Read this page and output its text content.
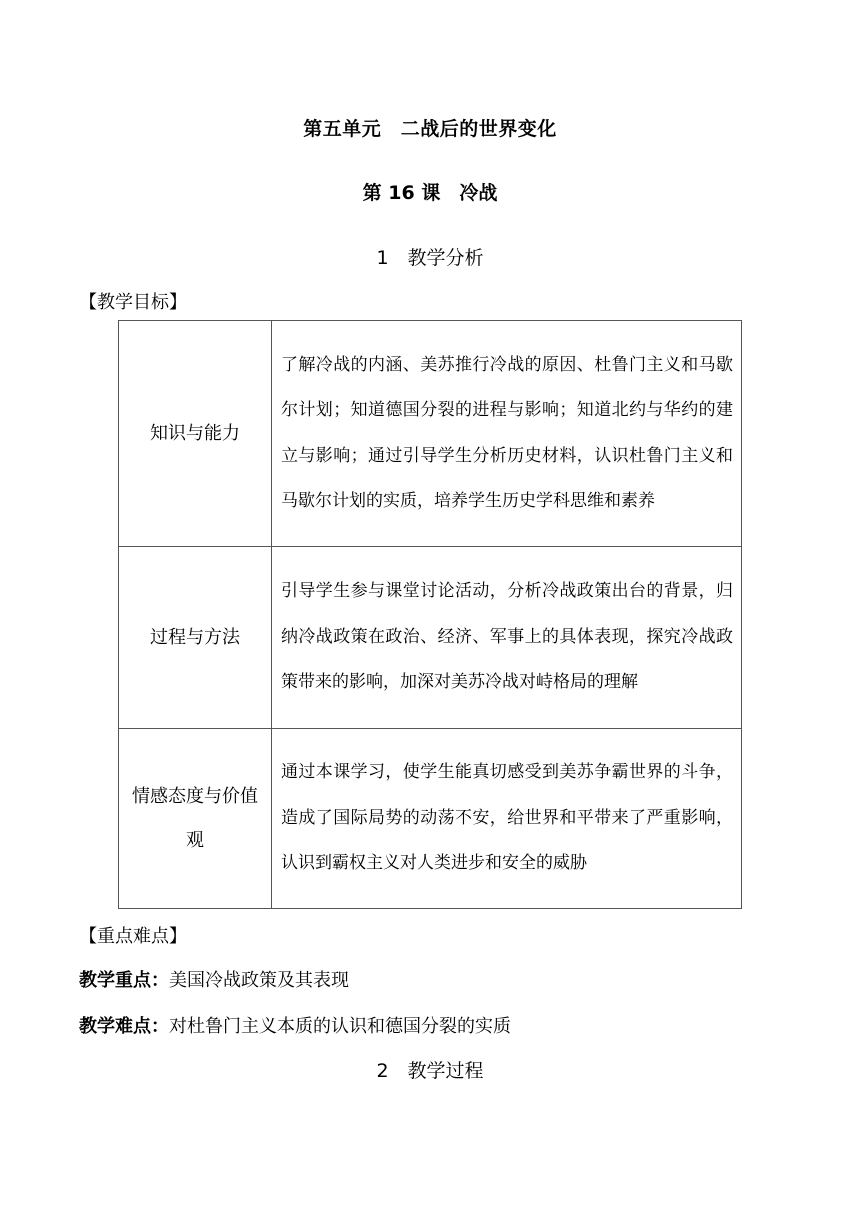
第五单元　二战后的世界变化
第 16 课　冷战
1　教学分析
【教学目标】
知识与能力	了解冷战的内涵、美苏推行冷战的原因、杜鲁门主义和马歇尔计划；知道德国分裂的进程与影响；知道北约与华约的建立与影响；通过引导学生分析历史材料，认识杜鲁门主义和马歇尔计划的实质，培养学生历史学科思维和素养
过程与方法	引导学生参与课堂讨论活动，分析冷战政策出台的背景，归纳冷战政策在政治、经济、军事上的具体表现，探究冷战政策带来的影响，加深对美苏冷战对峙格局的理解
情感态度与价值观	通过本课学习，使学生能真切感受到美苏争霸世界的斗争，造成了国际局势的动荡不安，给世界和平带来了严重影响，认识到霸权主义对人类进步和安全的威胁
【重点难点】
教学重点：美国冷战政策及其表现
教学难点：对杜鲁门主义本质的认识和德国分裂的实质
2　教学过程
